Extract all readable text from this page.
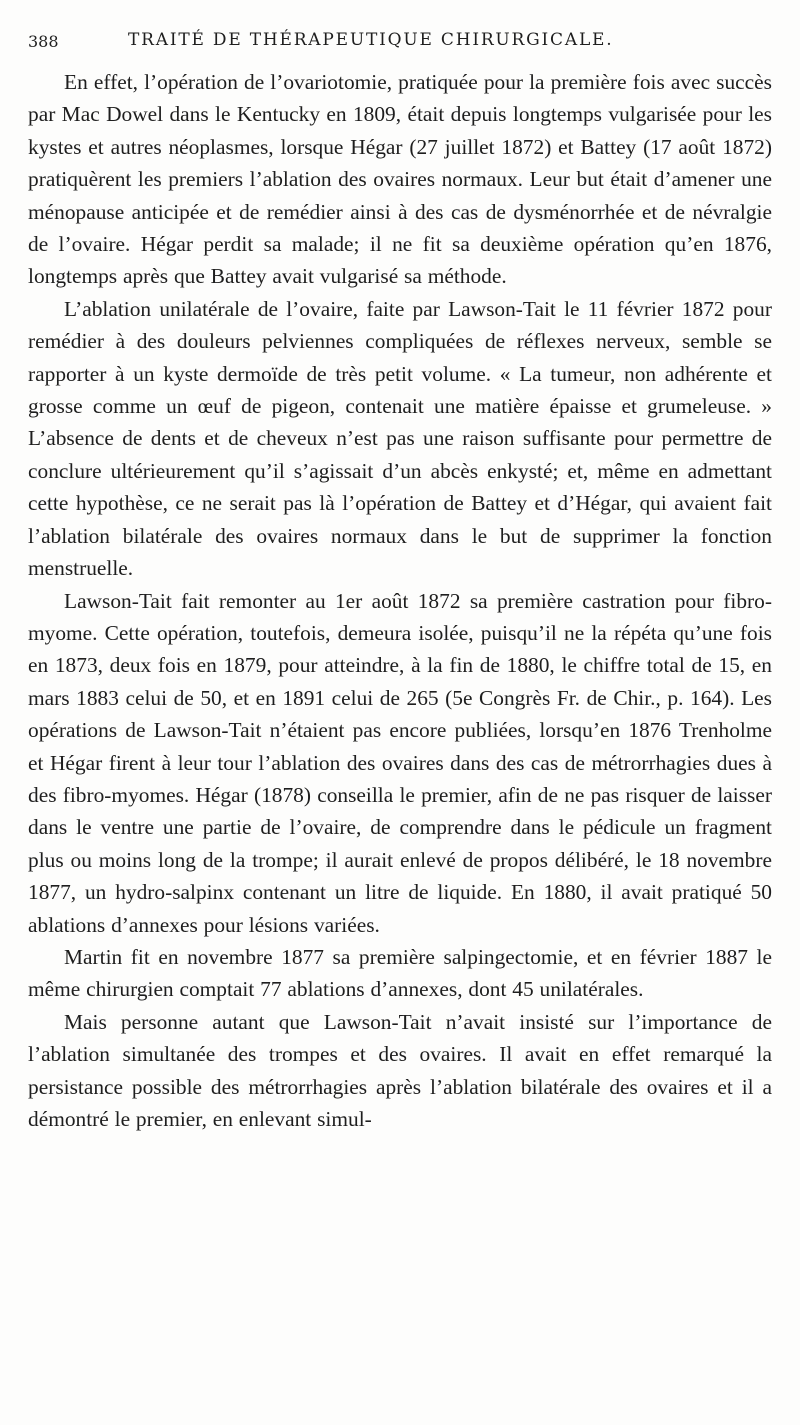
388	TRAITÉ DE THÉRAPEUTIQUE CHIRURGICALE.

En effet, l’opération de l’ovariotomie, pratiquée pour la première fois avec succès par Mac Dowel dans le Kentucky en 1809, était depuis longtemps vulgarisée pour les kystes et autres néoplasmes, lorsque Hégar (27 juillet 1872) et Battey (17 août 1872) pratiquèrent les premiers l’ablation des ovaires normaux. Leur but était d’amener une ménopause anticipée et de remédier ainsi à des cas de dysménorrhée et de névralgie de l’ovaire. Hégar perdit sa malade; il ne fit sa deuxième opération qu’en 1876, longtemps après que Battey avait vulgarisé sa méthode.

L’ablation unilatérale de l’ovaire, faite par Lawson-Tait le 11 février 1872 pour remédier à des douleurs pelviennes compliquées de réflexes nerveux, semble se rapporter à un kyste dermoïde de très petit volume. « La tumeur, non adhérente et grosse comme un œuf de pigeon, contenait une matière épaisse et grumeleuse. » L’absence de dents et de cheveux n’est pas une raison suffisante pour permettre de conclure ultérieurement qu’il s’agissait d’un abcès enkysté; et, même en admettant cette hypothèse, ce ne serait pas là l’opération de Battey et d’Hégar, qui avaient fait l’ablation bilatérale des ovaires normaux dans le but de supprimer la fonction menstruelle.

Lawson-Tait fait remonter au 1er août 1872 sa première castration pour fibro-myome. Cette opération, toutefois, demeura isolée, puisqu’il ne la répéta qu’une fois en 1873, deux fois en 1879, pour atteindre, à la fin de 1880, le chiffre total de 15, en mars 1883 celui de 50, et en 1891 celui de 265 (5e Congrès Fr. de Chir., p. 164). Les opérations de Lawson-Tait n’étaient pas encore publiées, lorsqu’en 1876 Trenholme et Hégar firent à leur tour l’ablation des ovaires dans des cas de métrorrhagies dues à des fibro-myomes. Hégar (1878) conseilla le premier, afin de ne pas risquer de laisser dans le ventre une partie de l’ovaire, de comprendre dans le pédicule un fragment plus ou moins long de la trompe; il aurait enlevé de propos délibéré, le 18 novembre 1877, un hydro-salpinx contenant un litre de liquide. En 1880, il avait pratiqué 50 ablations d’annexes pour lésions variées.

Martin fit en novembre 1877 sa première salpingectomie, et en février 1887 le même chirurgien comptait 77 ablations d’annexes, dont 45 unilatérales.

Mais personne autant que Lawson-Tait n’avait insisté sur l’importance de l’ablation simultanée des trompes et des ovaires. Il avait en effet remarqué la persistance possible des métrorrhagies après l’ablation bilatérale des ovaires et il a démontré le premier, en enlevant simul-
